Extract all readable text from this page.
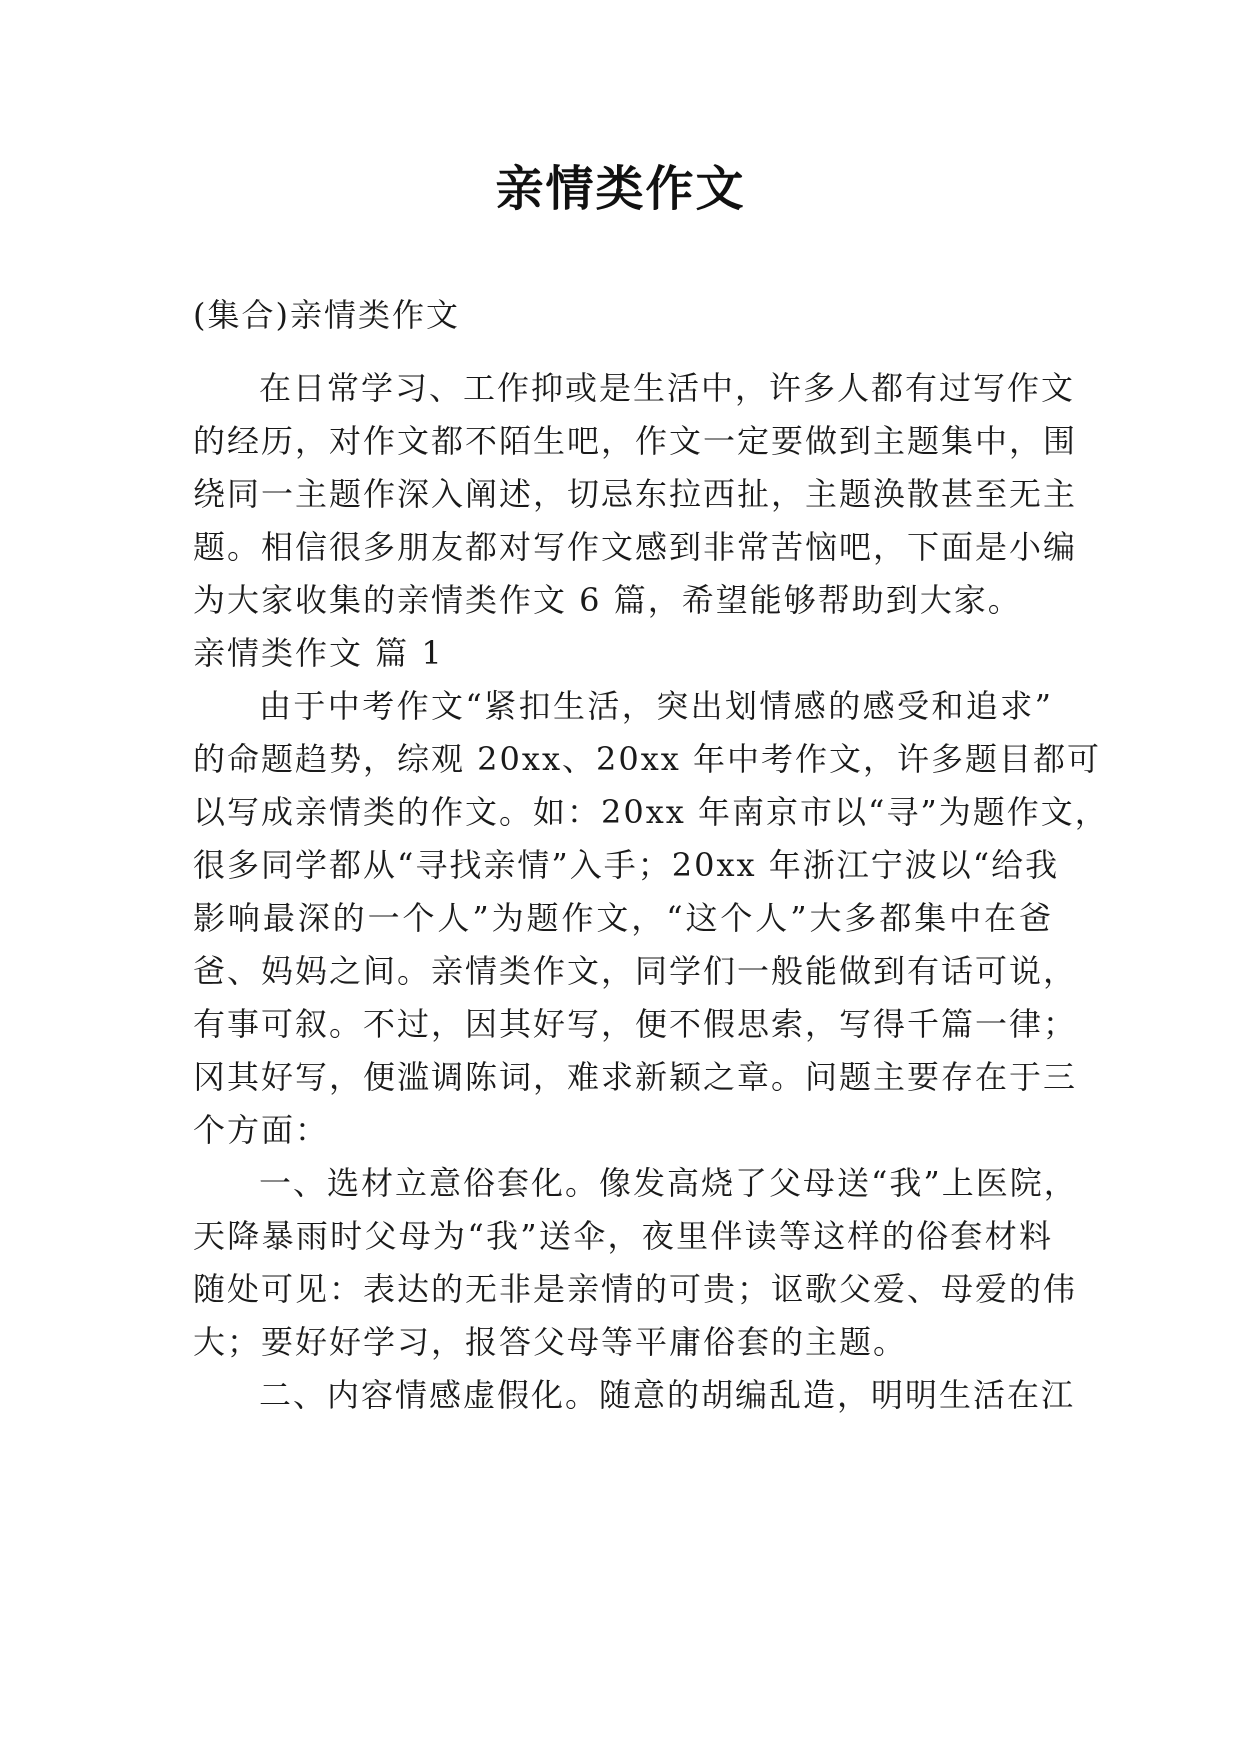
亲情类作文
(集合)亲情类作文
在日常学习、工作抑或是生活中，许多人都有过写作文
的经历，对作文都不陌生吧，作文一定要做到主题集中，围
绕同一主题作深入阐述，切忌东拉西扯，主题涣散甚至无主
题。相信很多朋友都对写作文感到非常苦恼吧，下面是小编
为大家收集的亲情类作文 6 篇，希望能够帮助到大家。
亲情类作文 篇 1
由于中考作文“紧扣生活，突出划情感的感受和追求”
的命题趋势，综观 20xx、20xx 年中考作文，许多题目都可
以写成亲情类的作文。如：20xx 年南京市以“寻”为题作文，
很多同学都从“寻找亲情”入手；20xx 年浙江宁波以“给我
影响最深的一个人”为题作文，“这个人”大多都集中在爸
爸、妈妈之间。亲情类作文，同学们一般能做到有话可说，
有事可叙。不过，因其好写，便不假思索，写得千篇一律；
冈其好写，便滥调陈词，难求新颖之章。问题主要存在于三
个方面：
一、选材立意俗套化。像发高烧了父母送“我”上医院，
天降暴雨时父母为“我”送伞，夜里伴读等这样的俗套材料
随处可见：表达的无非是亲情的可贵；讴歌父爱、母爱的伟
大；要好好学习，报答父母等平庸俗套的主题。
二、内容情感虚假化。随意的胡编乱造，明明生活在江
